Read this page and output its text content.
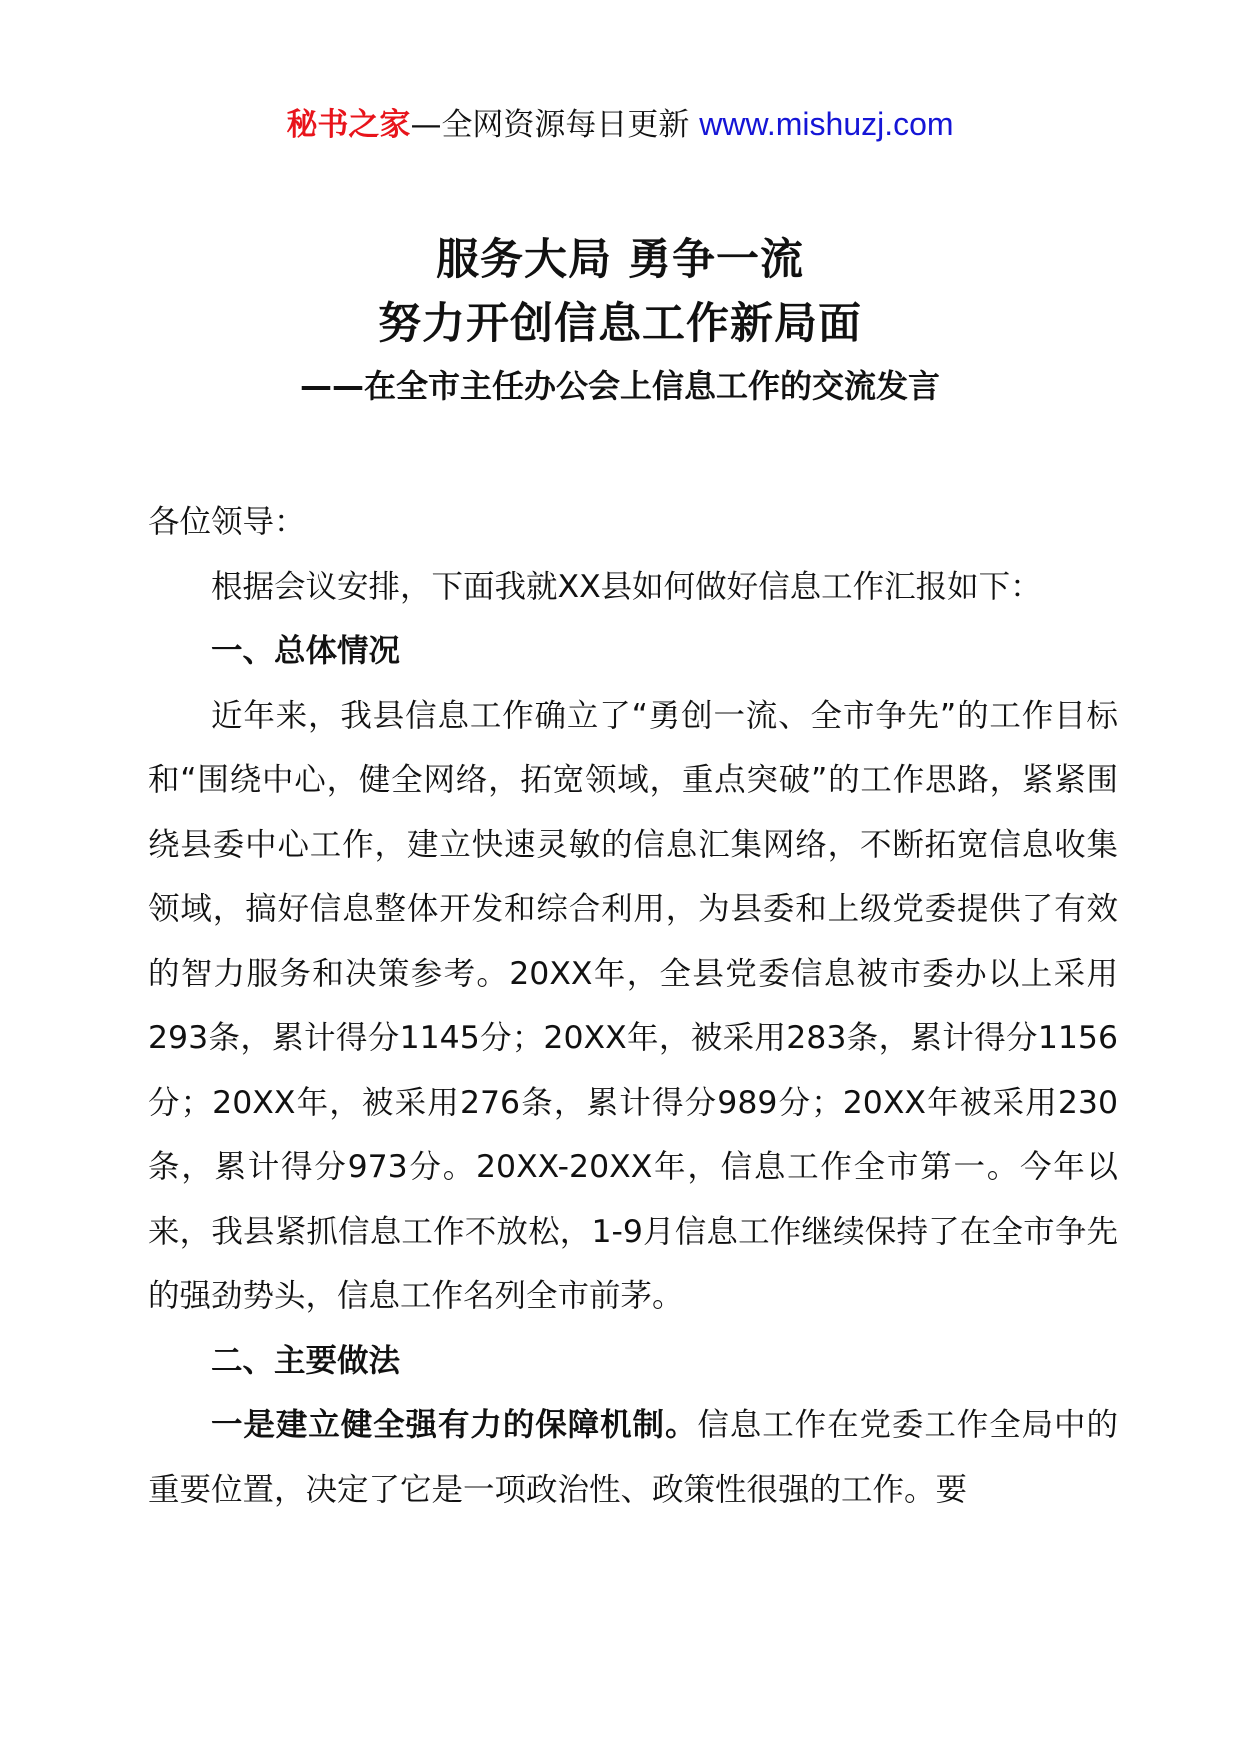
秘书之家—全网资源每日更新 www.mishuzj.com
服务大局 勇争一流
努力开创信息工作新局面
——在全市主任办公会上信息工作的交流发言

各位领导：

根据会议安排，下面我就XX县如何做好信息工作汇报如下：

一、总体情况

近年来，我县信息工作确立了“勇创一流、全市争先”的工作目标和“围绕中心，健全网络，拓宽领域，重点突破”的工作思路，紧紧围绕县委中心工作，建立快速灵敏的信息汇集网络，不断拓宽信息收集领域，搞好信息整体开发和综合利用，为县委和上级党委提供了有效的智力服务和决策参考。20XX年，全县党委信息被市委办以上采用293条，累计得分1145分；20XX年，被采用283条，累计得分1156分；20XX年，被采用276条，累计得分989分；20XX年被采用230条，累计得分973分。20XX-20XX年，信息工作全市第一。今年以来，我县紧抓信息工作不放松，1-9月信息工作继续保持了在全市争先的强劲势头，信息工作名列全市前茅。

二、主要做法

一是建立健全强有力的保障机制。信息工作在党委工作全局中的重要位置，决定了它是一项政治性、政策性很强的工作。要
